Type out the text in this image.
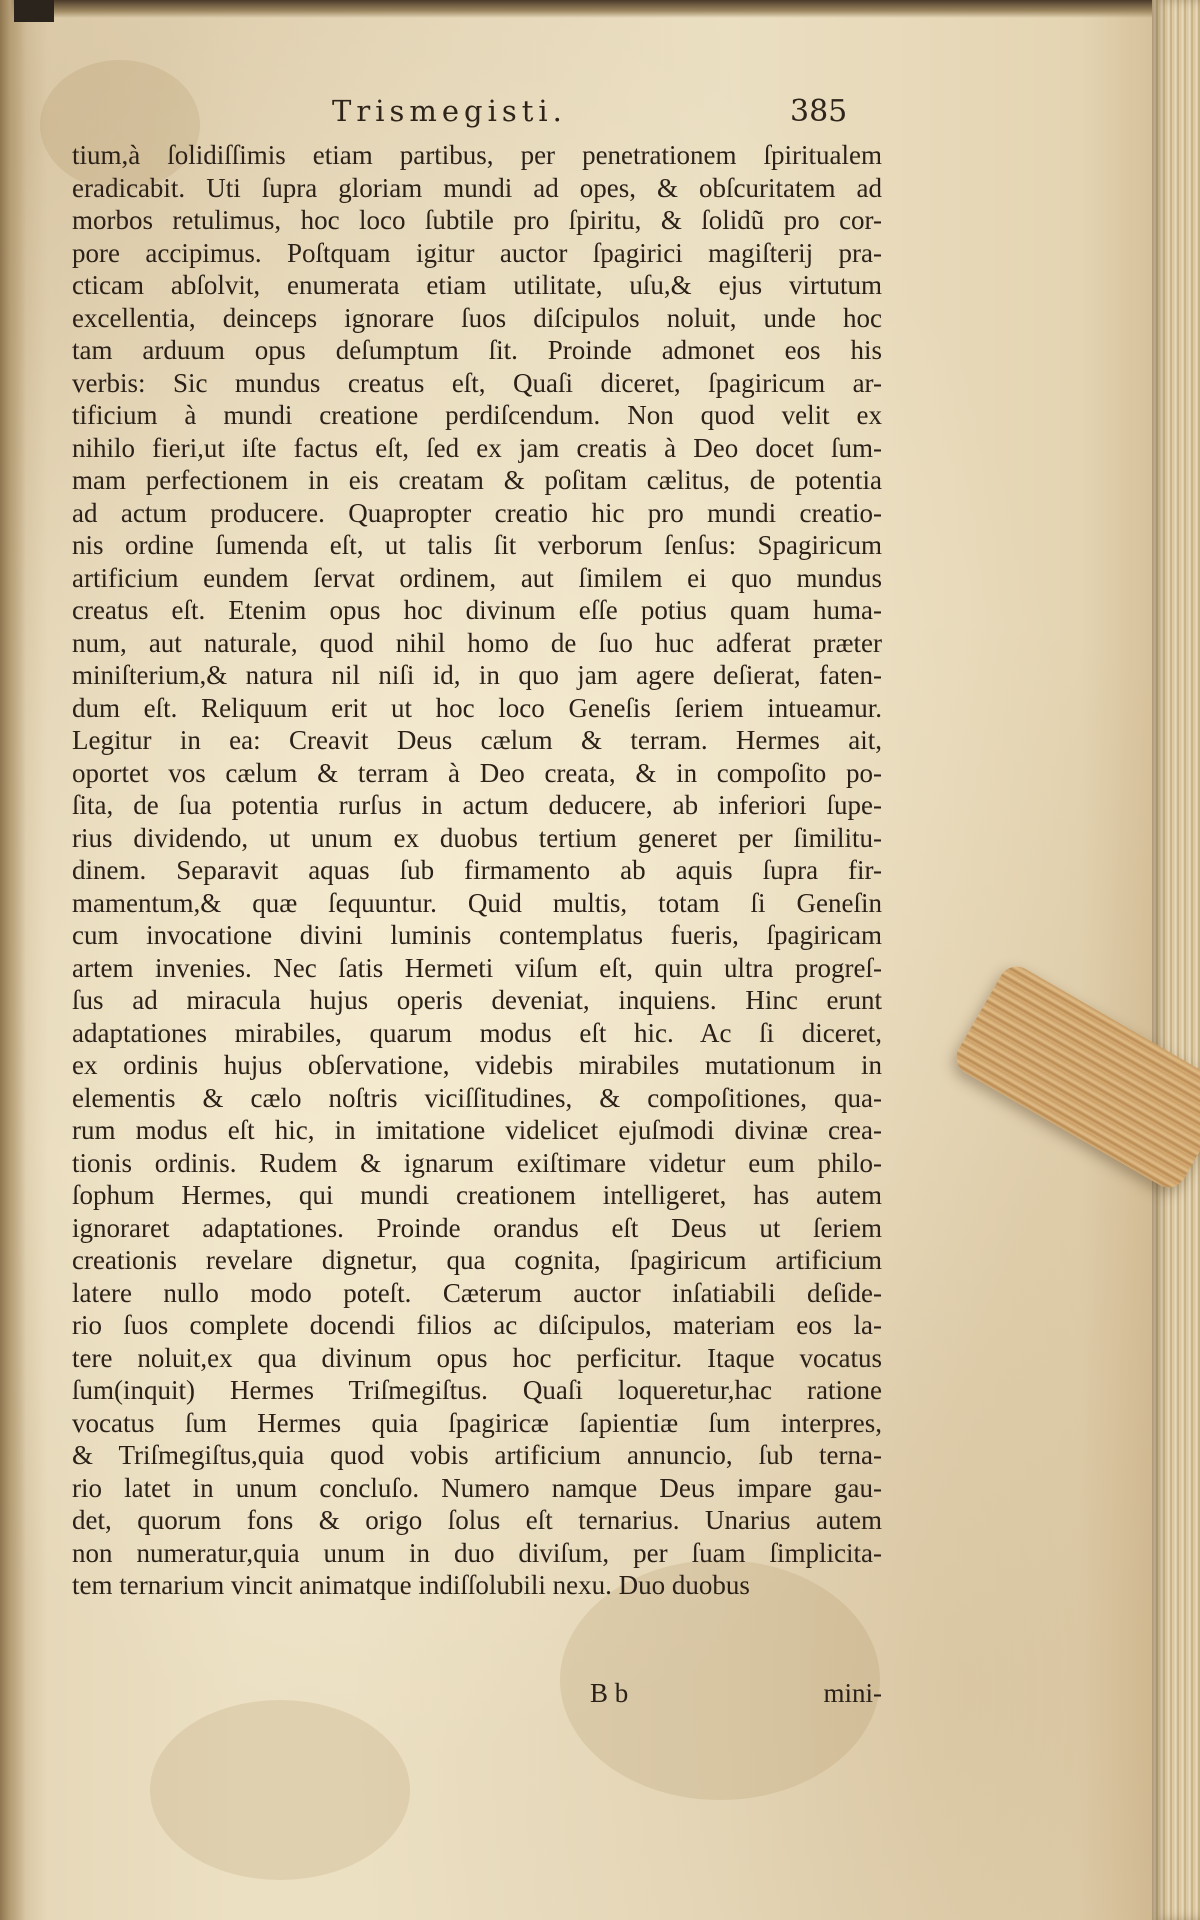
Trismegisti.	385
tium,à ſolidiſſimis etiam partibus, per penetrationem ſpiritualem
eradicabit. Uti ſupra gloriam mundi ad opes, & obſcuritatem ad
morbos retulimus, hoc loco ſubtile pro ſpiritu, & ſolidũ pro cor-
pore accipimus. Poſtquam igitur auctor ſpagirici magiſterij pra-
cticam abſolvit, enumerata etiam utilitate, uſu,& ejus virtutum
excellentia, deinceps ignorare ſuos diſcipulos noluit, unde hoc
tam arduum opus deſumptum ſit. Proinde admonet eos his
verbis: Sic mundus creatus eſt, Quaſi diceret, ſpagiricum ar-
tificium à mundi creatione perdiſcendum. Non quod velit ex
nihilo fieri,ut iſte factus eſt, ſed ex jam creatis à Deo docet ſum-
mam perfectionem in eis creatam & poſitam cælitus, de potentia
ad actum producere. Quapropter creatio hic pro mundi creatio-
nis ordine ſumenda eſt, ut talis ſit verborum ſenſus: Spagiricum
artificium eundem ſervat ordinem, aut ſimilem ei quo mundus
creatus eſt. Etenim opus hoc divinum eſſe potius quam huma-
num, aut naturale, quod nihil homo de ſuo huc adferat præter
miniſterium,& natura nil niſi id, in quo jam agere deſierat, faten-
dum eſt. Reliquum erit ut hoc loco Geneſis ſeriem intueamur.
Legitur in ea: Creavit Deus cælum & terram. Hermes ait,
oportet vos cælum & terram à Deo creata, & in compoſito po-
ſita, de ſua potentia rurſus in actum deducere, ab inferiori ſupe-
rius dividendo, ut unum ex duobus tertium generet per ſimilitu-
dinem. Separavit aquas ſub firmamento ab aquis ſupra fir-
mamentum,& quæ ſequuntur. Quid multis, totam ſi Geneſin
cum invocatione divini luminis contemplatus fueris, ſpagiricam
artem invenies. Nec ſatis Hermeti viſum eſt, quin ultra progreſ-
ſus ad miracula hujus operis deveniat, inquiens. Hinc erunt
adaptationes mirabiles, quarum modus eſt hic. Ac ſi diceret,
ex ordinis hujus obſervatione, videbis mirabiles mutationum in
elementis & cælo noſtris viciſſitudines, & compoſitiones, qua-
rum modus eſt hic, in imitatione videlicet ejuſmodi divinæ crea-
tionis ordinis. Rudem & ignarum exiſtimare videtur eum philo-
ſophum Hermes, qui mundi creationem intelligeret, has autem
ignoraret adaptationes. Proinde orandus eſt Deus ut ſeriem
creationis revelare dignetur, qua cognita, ſpagiricum artificium
latere nullo modo poteſt. Cæterum auctor inſatiabili deſide-
rio ſuos complete docendi filios ac diſcipulos, materiam eos la-
tere noluit,ex qua divinum opus hoc perficitur. Itaque vocatus
ſum(inquit) Hermes Triſmegiſtus. Quaſi loqueretur,hac ratione
vocatus ſum Hermes quia ſpagiricæ ſapientiæ ſum interpres,
& Triſmegiſtus,quia quod vobis artificium annuncio, ſub terna-
rio latet in unum concluſo. Numero namque Deus impare gau-
det, quorum fons & origo ſolus eſt ternarius. Unarius autem
non numeratur,quia unum in duo diviſum, per ſuam ſimplicita-
tem ternarium vincit animatque indiſſolubili nexu. Duo duobus
B b	mini-
